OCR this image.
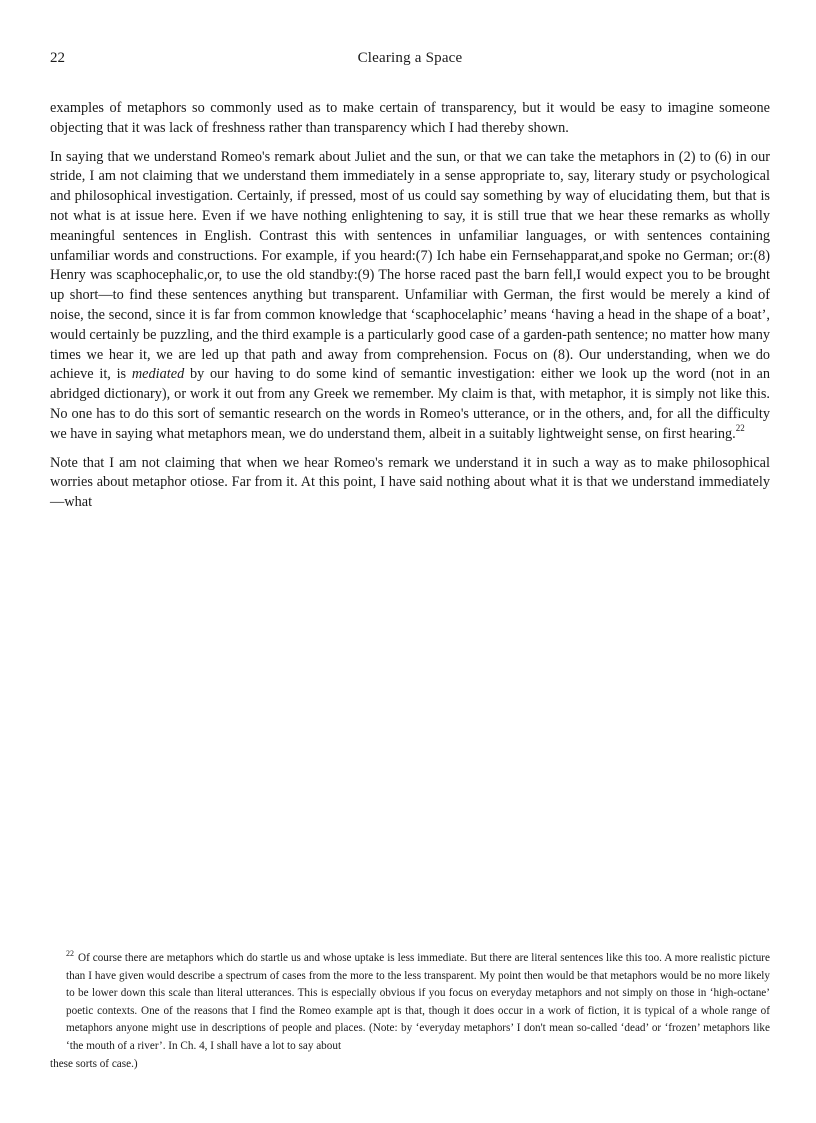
22	Clearing a Space

examples of metaphors so commonly used as to make certain of transparency, but it would be easy to imagine someone objecting that it was lack of freshness rather than transparency which I had thereby shown.

In saying that we understand Romeo's remark about Juliet and the sun, or that we can take the metaphors in (2) to (6) in our stride, I am not claiming that we understand them immediately in a sense appropriate to, say, literary study or psychological and philosophical investigation. Certainly, if pressed, most of us could say something by way of elucidating them, but that is not what is at issue here. Even if we have nothing enlightening to say, it is still true that we hear these remarks as wholly meaningful sentences in English. Contrast this with sentences in unfamiliar languages, or with sentences containing unfamiliar words and constructions. For example, if you heard:(7) Ich habe ein Fernsehapparat,and spoke no German; or:(8) Henry was scaphocephalic,or, to use the old standby:(9) The horse raced past the barn fell,I would expect you to be brought up short—to find these sentences anything but transparent. Unfamiliar with German, the first would be merely a kind of noise, the second, since it is far from common knowledge that ‘scaphocelaphic’ means ‘having a head in the shape of a boat’, would certainly be puzzling, and the third example is a particularly good case of a garden-path sentence; no matter how many times we hear it, we are led up that path and away from comprehension. Focus on (8). Our understanding, when we do achieve it, is mediated by our having to do some kind of semantic investigation: either we look up the word (not in an abridged dictionary), or work it out from any Greek we remember. My claim is that, with metaphor, it is simply not like this. No one has to do this sort of semantic research on the words in Romeo's utterance, or in the others, and, for all the difficulty we have in saying what metaphors mean, we do understand them, albeit in a suitably lightweight sense, on first hearing.$^{22}$

Note that I am not claiming that when we hear Romeo's remark we understand it in such a way as to make philosophical worries about metaphor otiose. Far from it. At this point, I have said nothing about what it is that we understand immediately—what

$^{22}$ Of course there are metaphors which do startle us and whose uptake is less immediate. But there are literal sentences like this too. A more realistic picture than I have given would describe a spectrum of cases from the more to the less transparent. My point then would be that metaphors would be no more likely to be lower down this scale than literal utterances. This is especially obvious if you focus on everyday metaphors and not simply on those in ‘high-octane’ poetic contexts. One of the reasons that I find the Romeo example apt is that, though it does occur in a work of fiction, it is typical of a whole range of metaphors anyone might use in descriptions of people and places. (Note: by ‘everyday metaphors’ I don't mean so-called ‘dead’ or ‘frozen’ metaphors like ‘the mouth of a river’. In Ch. 4, I shall have a lot to say about

these sorts of case.)
